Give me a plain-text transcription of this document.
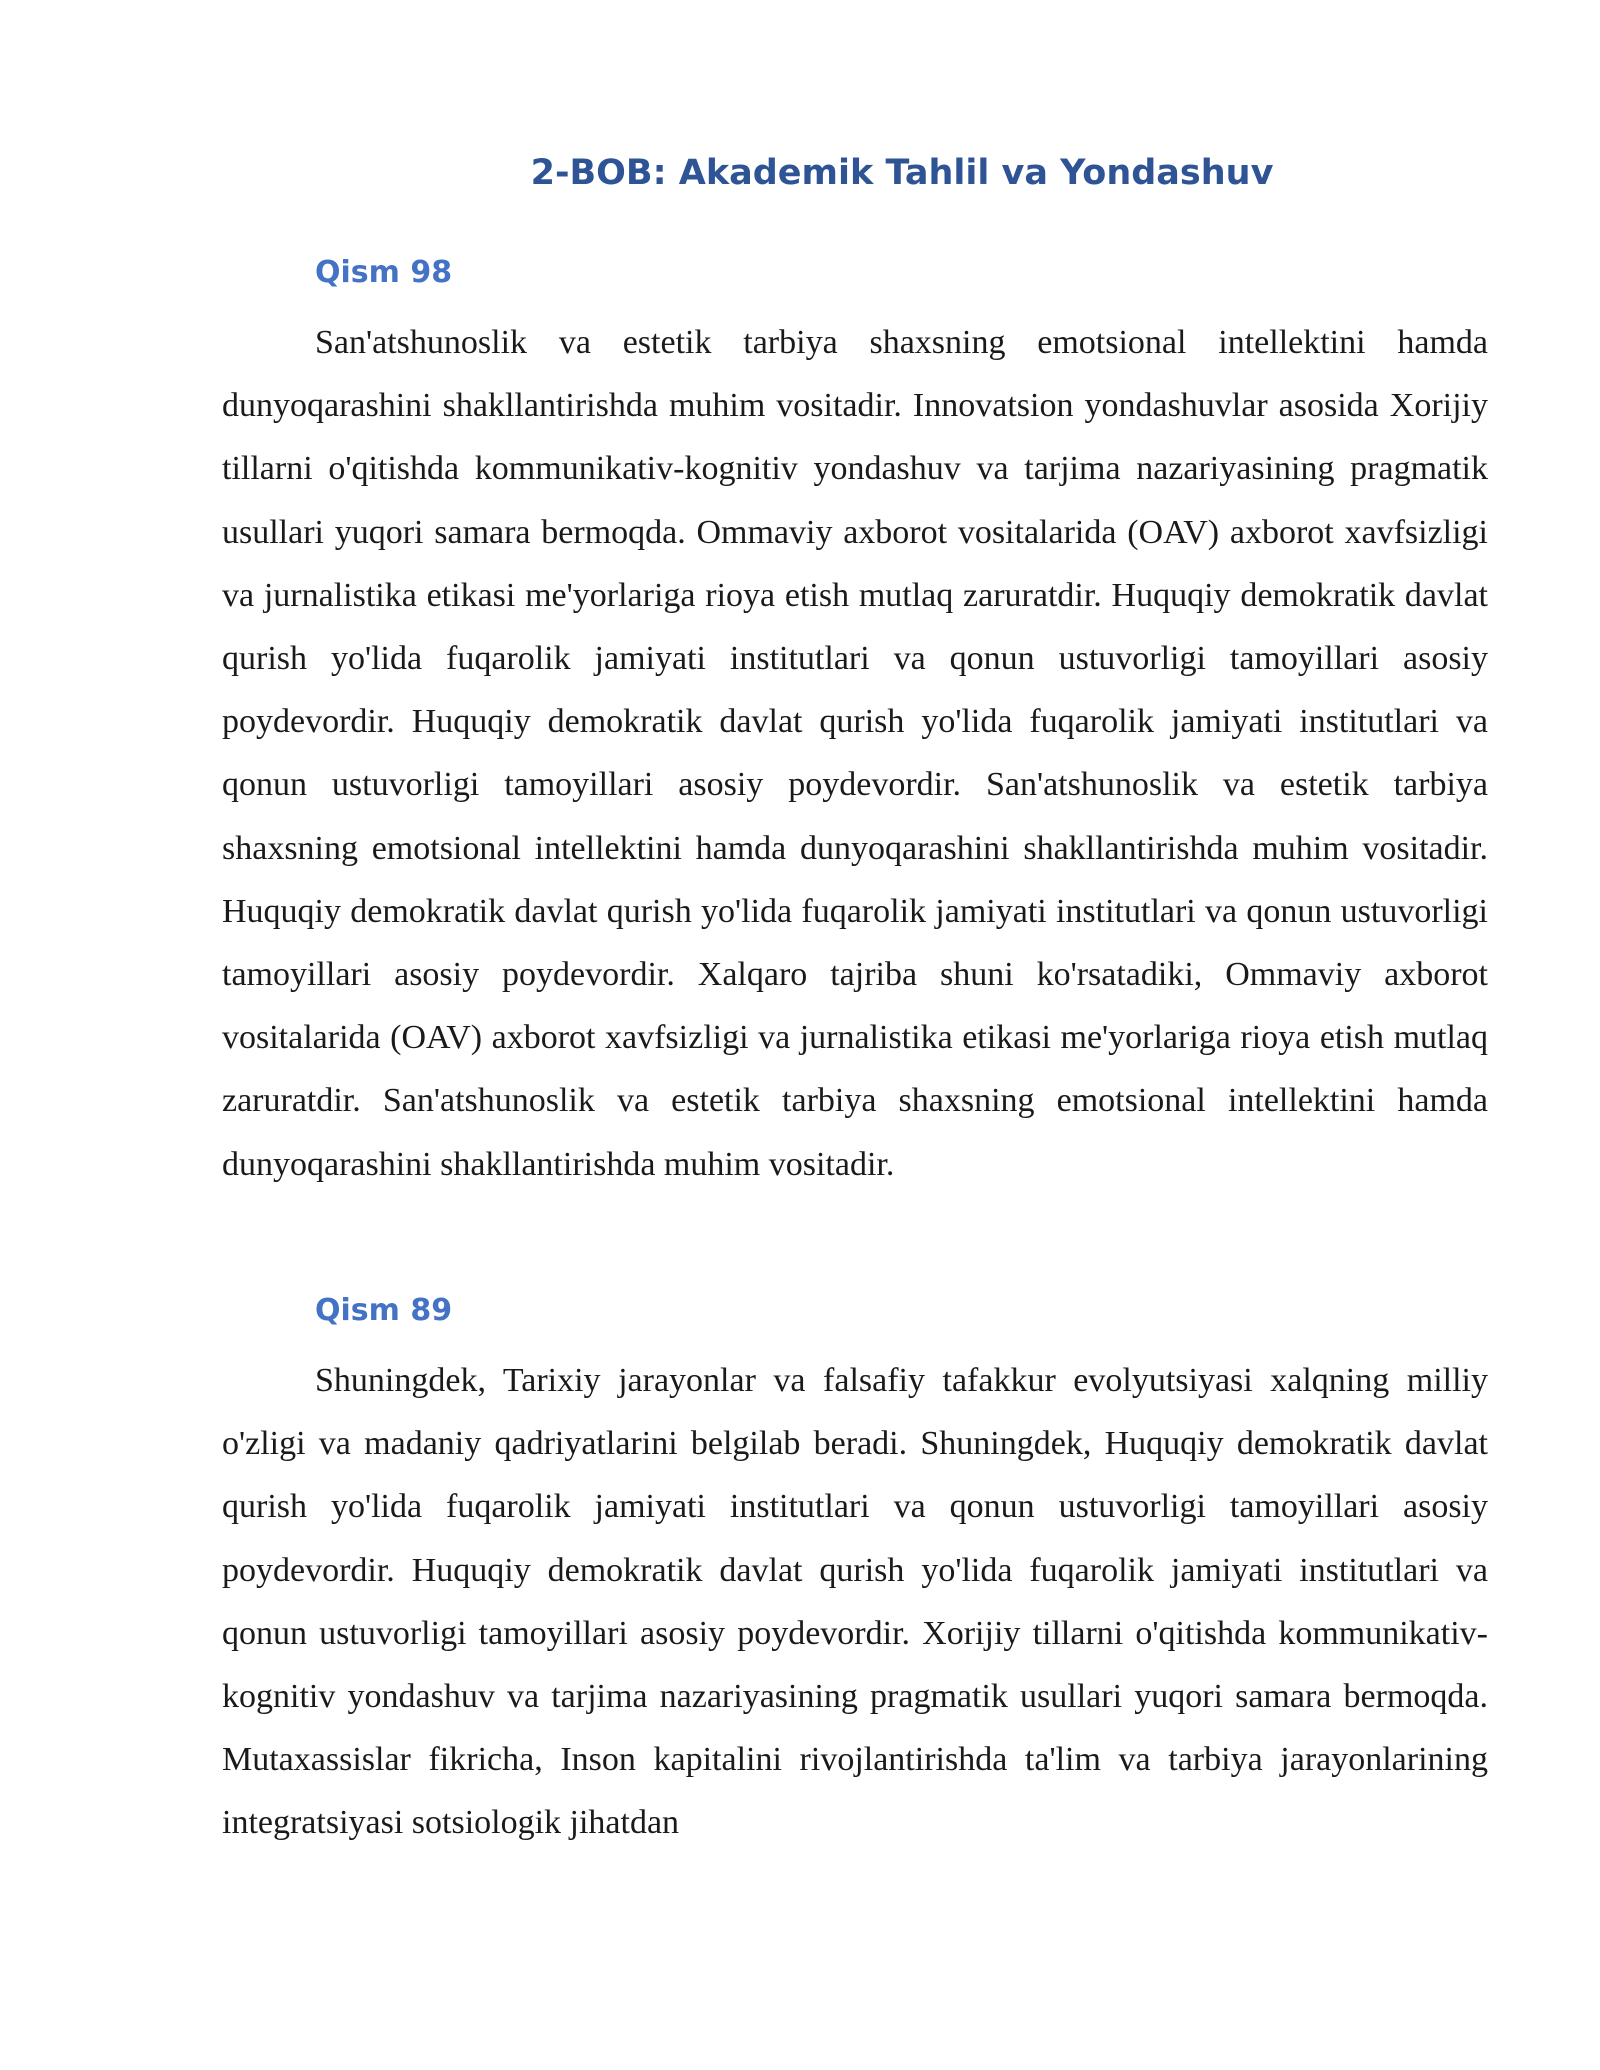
2-BOB: Akademik Tahlil va Yondashuv
Qism 98

San'atshunoslik va estetik tarbiya shaxsning emotsional intellektini hamda dunyoqarashini shakllantirishda muhim vositadir. Innovatsion yondashuvlar asosida Xorijiy tillarni o'qitishda kommunikativ-kognitiv yondashuv va tarjima nazariyasining pragmatik usullari yuqori samara bermoqda. Ommaviy axborot vositalarida (OAV) axborot xavfsizligi va jurnalistika etikasi me'yorlariga rioya etish mutlaq zaruratdir. Huquqiy demokratik davlat qurish yo'lida fuqarolik jamiyati institutlari va qonun ustuvorligi tamoyillari asosiy poydevordir. Huquqiy demokratik davlat qurish yo'lida fuqarolik jamiyati institutlari va qonun ustuvorligi tamoyillari asosiy poydevordir. San'atshunoslik va estetik tarbiya shaxsning emotsional intellektini hamda dunyoqarashini shakllantirishda muhim vositadir. Huquqiy demokratik davlat qurish yo'lida fuqarolik jamiyati institutlari va qonun ustuvorligi tamoyillari asosiy poydevordir. Xalqaro tajriba shuni ko'rsatadiki, Ommaviy axborot vositalarida (OAV) axborot xavfsizligi va jurnalistika etikasi me'yorlariga rioya etish mutlaq zaruratdir. San'atshunoslik va estetik tarbiya shaxsning emotsional intellektini hamda dunyoqarashini shakllantirishda muhim vositadir.

Qism 89

Shuningdek, Tarixiy jarayonlar va falsafiy tafakkur evolyutsiyasi xalqning milliy o'zligi va madaniy qadriyatlarini belgilab beradi. Shuningdek, Huquqiy demokratik davlat qurish yo'lida fuqarolik jamiyati institutlari va qonun ustuvorligi tamoyillari asosiy poydevordir. Huquqiy demokratik davlat qurish yo'lida fuqarolik jamiyati institutlari va qonun ustuvorligi tamoyillari asosiy poydevordir. Xorijiy tillarni o'qitishda kommunikativ-kognitiv yondashuv va tarjima nazariyasining pragmatik usullari yuqori samara bermoqda. Mutaxassislar fikricha, Inson kapitalini rivojlantirishda ta'lim va tarbiya jarayonlarining integratsiyasi sotsiologik jihatdan
